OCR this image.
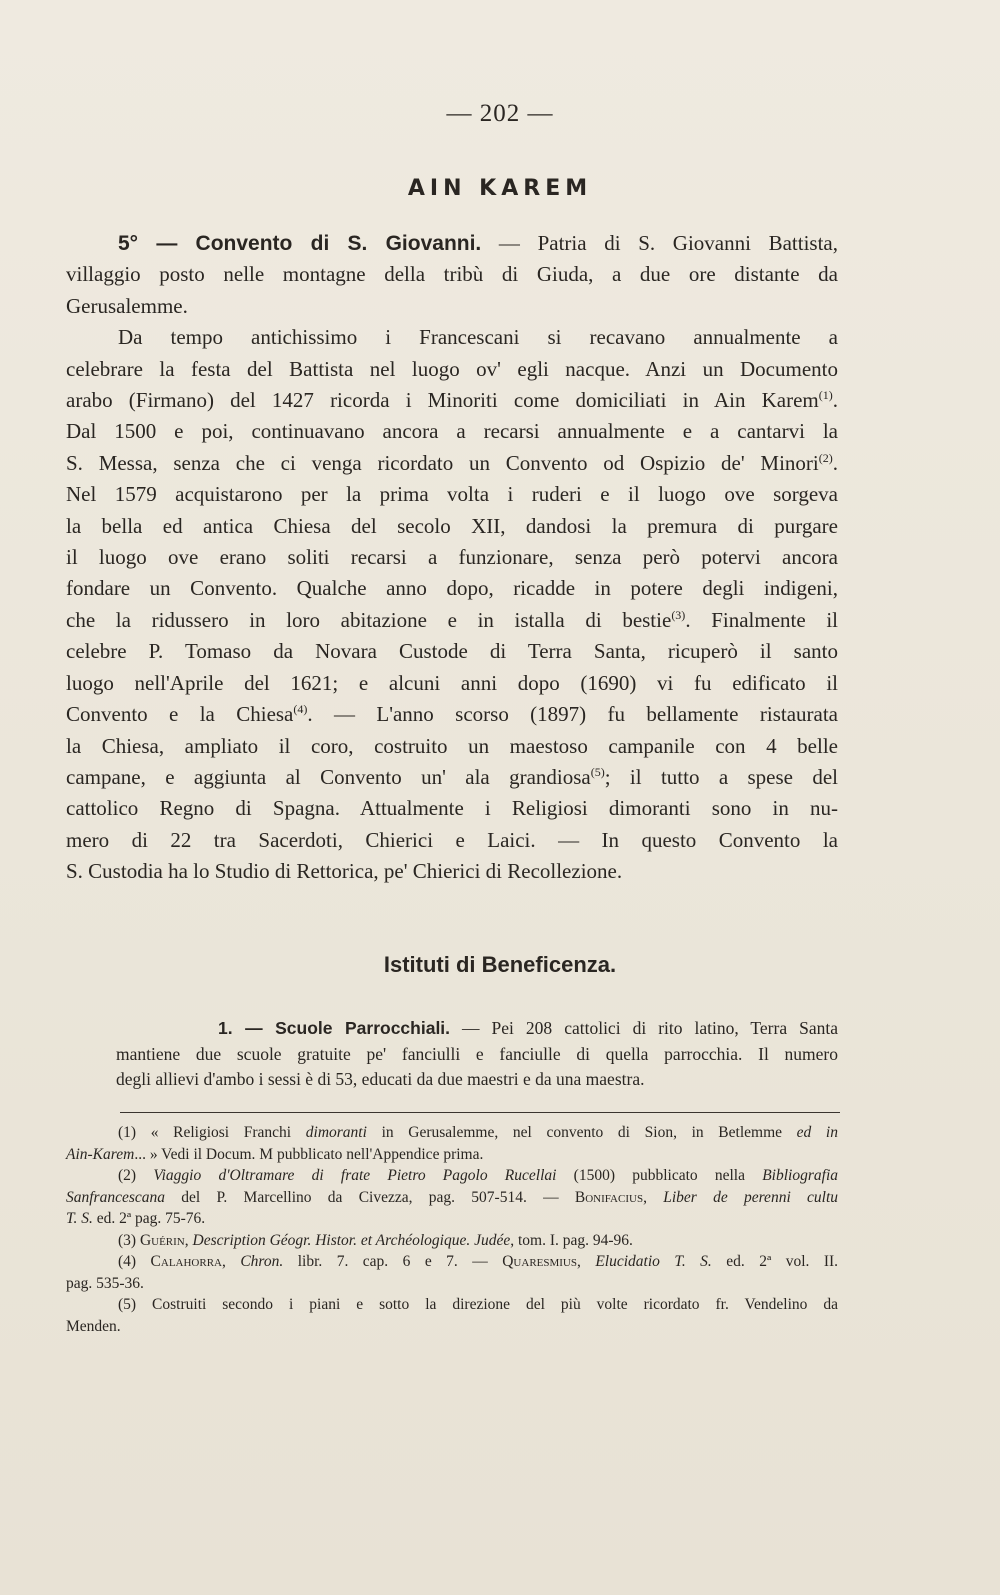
— 202 —
AIN KAREM
5° — Convento di S. Giovanni. — Patria di S. Giovanni Battista,
villaggio posto nelle montagne della tribù di Giuda, a due ore distante da
Gerusalemme.
Da tempo antichissimo i Francescani si recavano annualmente a
celebrare la festa del Battista nel luogo ov' egli nacque. Anzi un Documento
arabo (Firmano) del 1427 ricorda i Minoriti come domiciliati in Ain Karem$^{(1)}$.
Dal 1500 e poi, continuavano ancora a recarsi annualmente e a cantarvi la
S. Messa, senza che ci venga ricordato un Convento od Ospizio de' Minori$^{(2)}$.
Nel 1579 acquistarono per la prima volta i ruderi e il luogo ove sorgeva
la bella ed antica Chiesa del secolo XII, dandosi la premura di purgare
il luogo ove erano soliti recarsi a funzionare, senza però potervi ancora
fondare un Convento. Qualche anno dopo, ricadde in potere degli indigeni,
che la ridussero in loro abitazione e in istalla di bestie$^{(3)}$. Finalmente il
celebre P. Tomaso da Novara Custode di Terra Santa, ricuperò il santo
luogo nell'Aprile del 1621; e alcuni anni dopo (1690) vi fu edificato il
Convento e la Chiesa$^{(4)}$. — L'anno scorso (1897) fu bellamente ristaurata
la Chiesa, ampliato il coro, costruito un maestoso campanile con 4 belle
campane, e aggiunta al Convento un' ala grandiosa$^{(5)}$; il tutto a spese del
cattolico Regno di Spagna. Attualmente i Religiosi dimoranti sono in nu-
mero di 22 tra Sacerdoti, Chierici e Laici. — In questo Convento la
S. Custodia ha lo Studio di Rettorica, pe' Chierici di Recollezione.
Istituti di Beneficenza.
1. — Scuole Parrocchiali. — Pei 208 cattolici di rito latino, Terra Santa
mantiene due scuole gratuite pe' fanciulli e fanciulle di quella parrocchia. Il numero
degli allievi d'ambo i sessi è di 53, educati da due maestri e da una maestra.
(1) « Religiosi Franchi dimoranti in Gerusalemme, nel convento di Sion, in Betlemme ed in
Ain-Karem... » Vedi il Docum. M pubblicato nell'Appendice prima.
(2) Viaggio d'Oltramare di frate Pietro Pagolo Rucellai (1500) pubblicato nella Bibliografia
Sanfrancescana del P. Marcellino da Civezza, pag. 507-514. — Bonifacius, Liber de perenni cultu
T. S. ed. 2ª pag. 75-76.
(3) Guérin, Description Géogr. Histor. et Archéologique. Judée, tom. I. pag. 94-96.
(4) Calahorra, Chron. libr. 7. cap. 6 e 7. — Quaresmius, Elucidatio T. S. ed. 2ª vol. II.
pag. 535-36.
(5) Costruiti secondo i piani e sotto la direzione del più volte ricordato fr. Vendelino da
Menden.
